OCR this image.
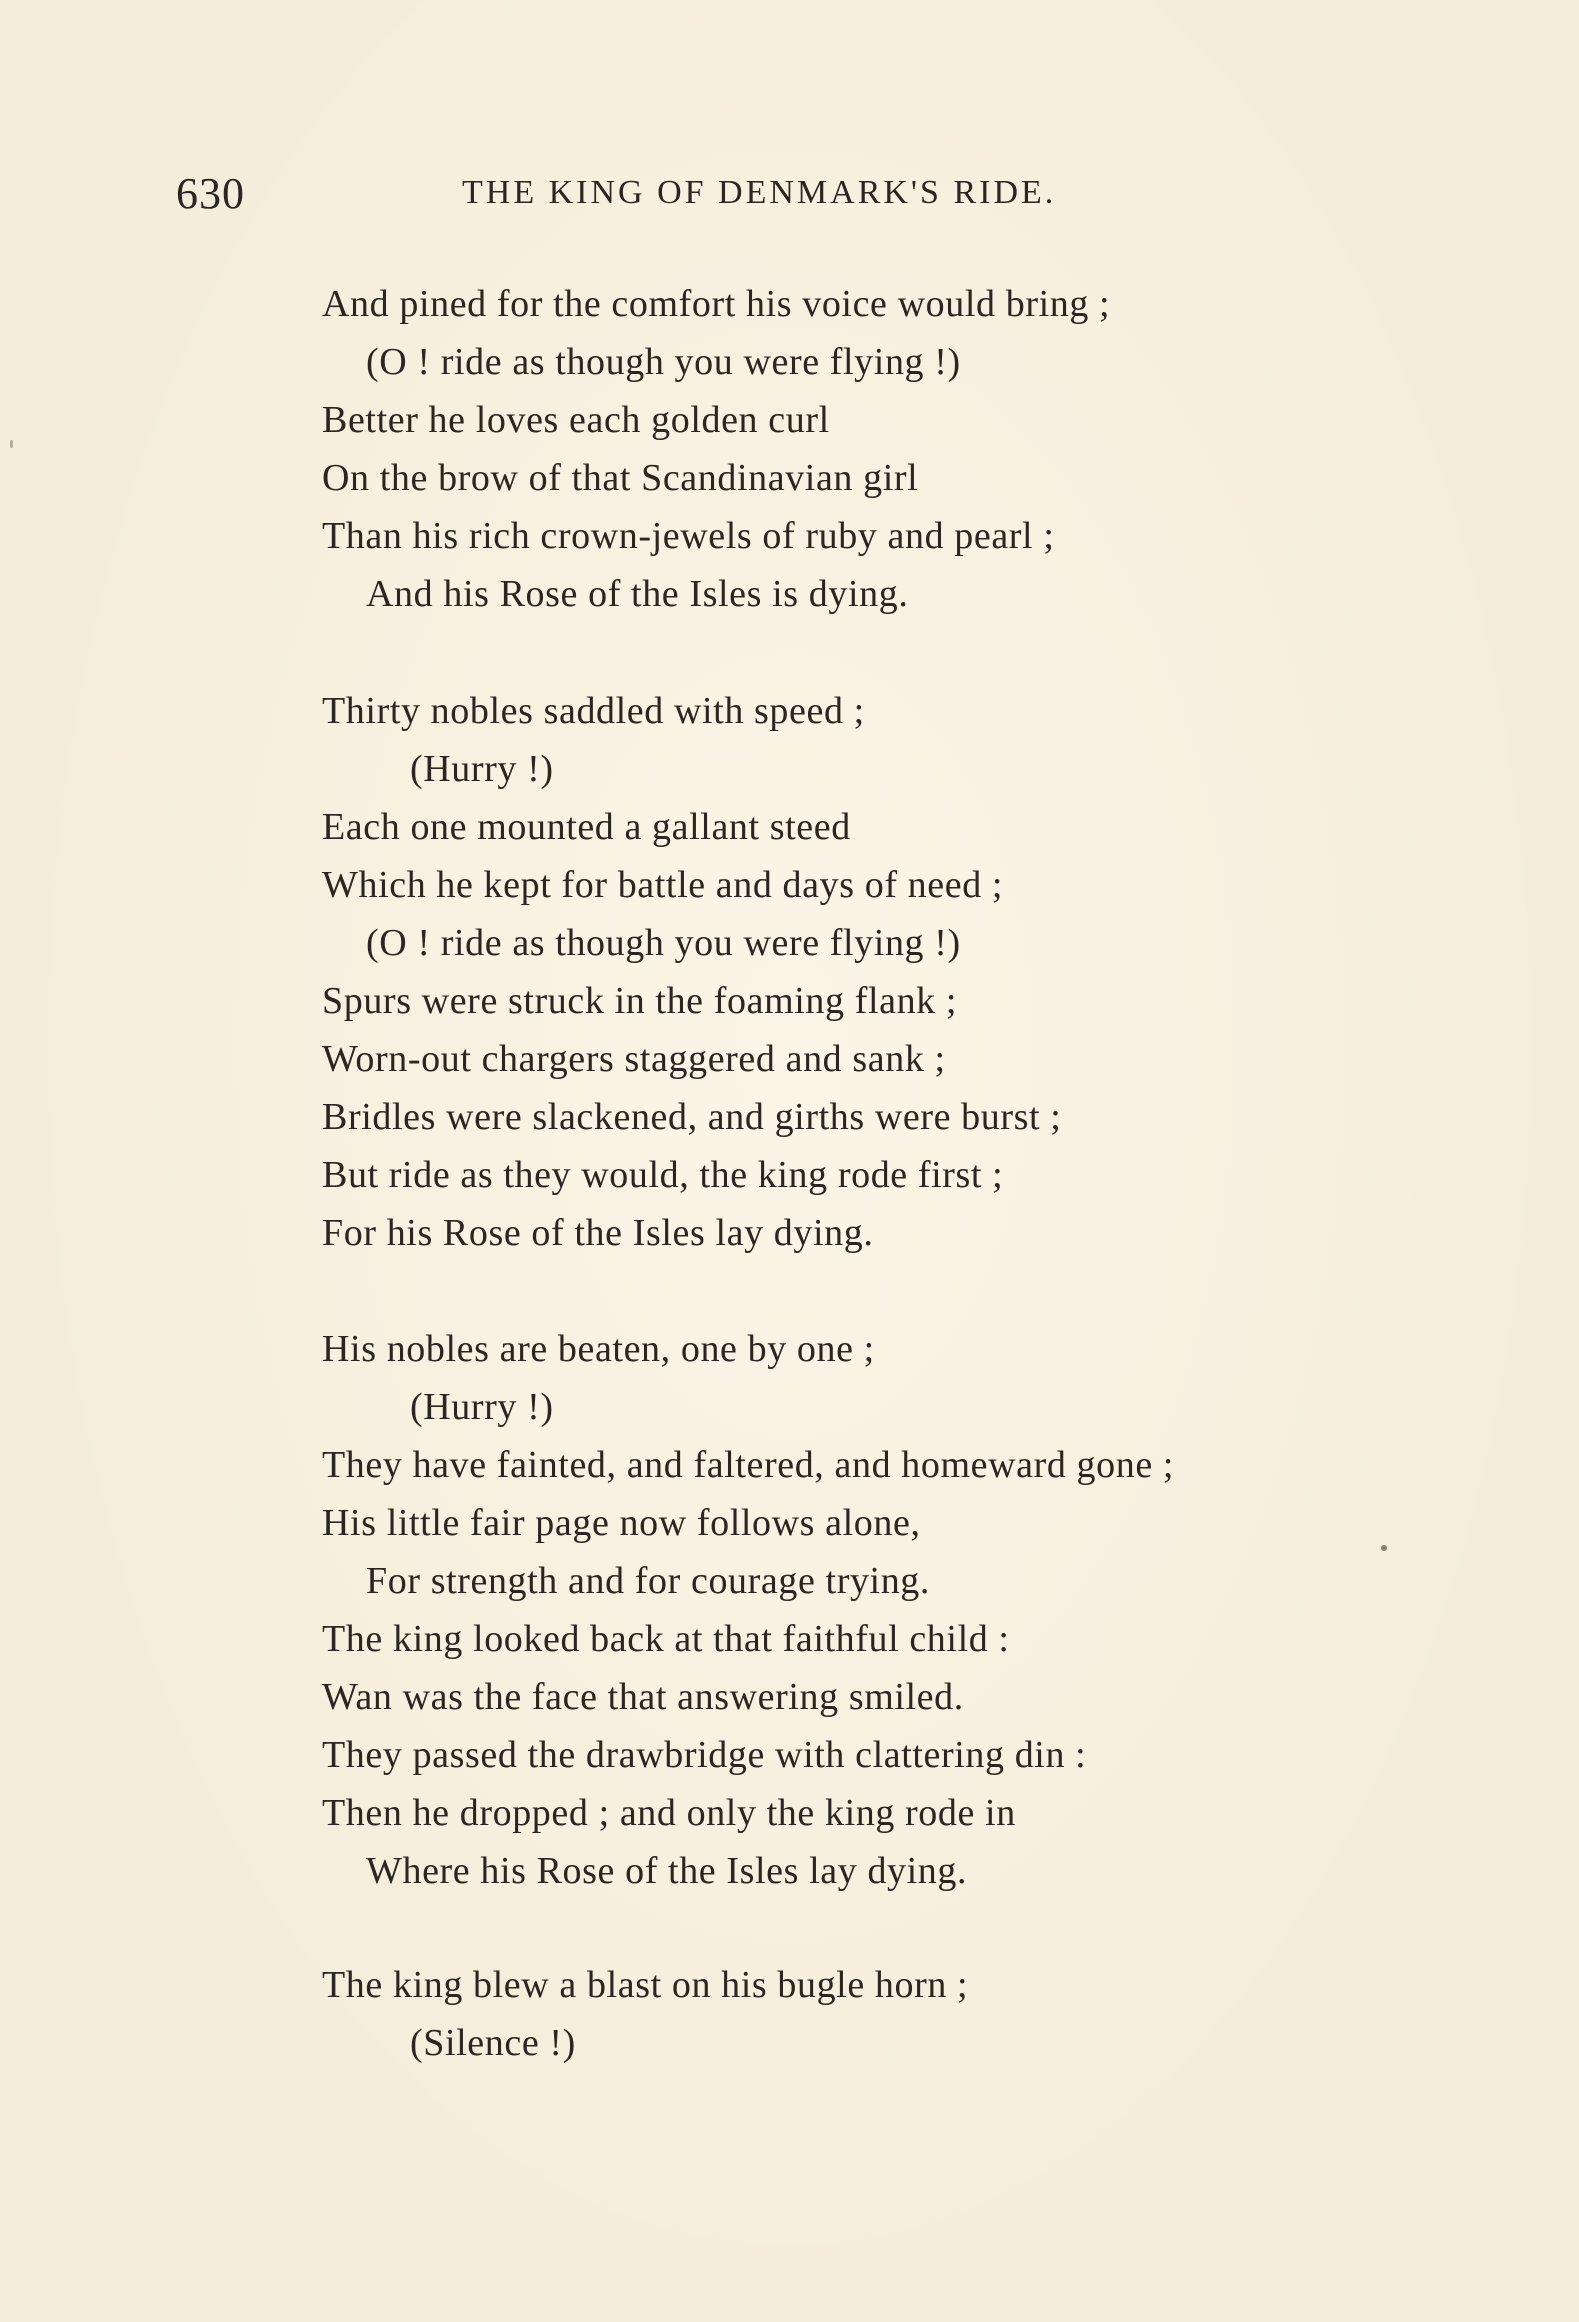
630	THE KING OF DENMARK'S RIDE.
And pined for the comfort his voice would bring ;
(O ! ride as though you were flying !)
Better he loves each golden curl
On the brow of that Scandinavian girl
Than his rich crown-jewels of ruby and pearl ;
And his Rose of the Isles is dying.
Thirty nobles saddled with speed ;
(Hurry !)
Each one mounted a gallant steed
Which he kept for battle and days of need ;
(O ! ride as though you were flying !)
Spurs were struck in the foaming flank ;
Worn-out chargers staggered and sank ;
Bridles were slackened, and girths were burst ;
But ride as they would, the king rode first ;
For his Rose of the Isles lay dying.
His nobles are beaten, one by one ;
(Hurry !)
They have fainted, and faltered, and homeward gone ;
His little fair page now follows alone,
For strength and for courage trying.
The king looked back at that faithful child :
Wan was the face that answering smiled.
They passed the drawbridge with clattering din :
Then he dropped ; and only the king rode in
Where his Rose of the Isles lay dying.
The king blew a blast on his bugle horn ;
(Silence !)
